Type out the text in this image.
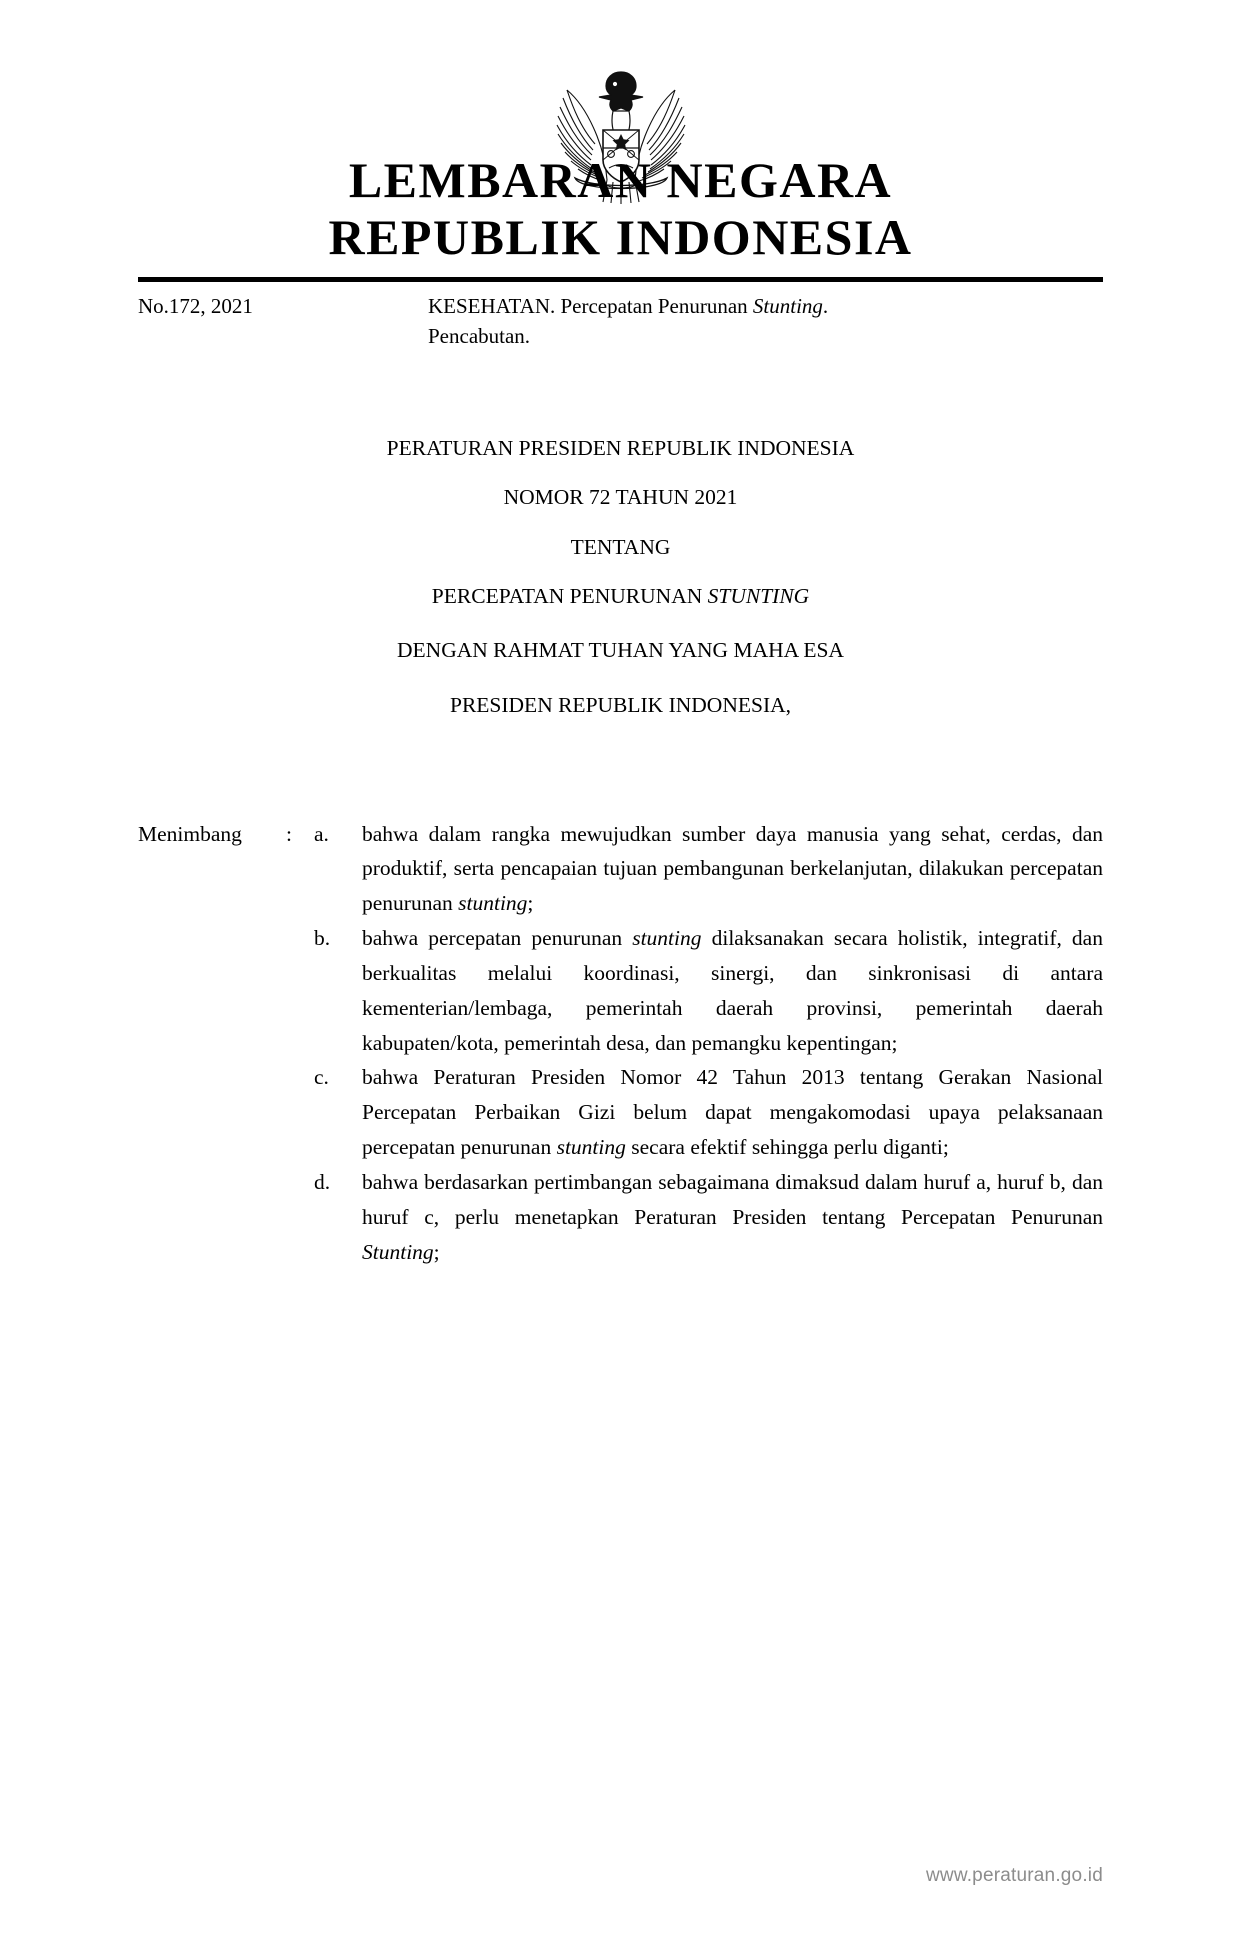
LEMBARAN NEGARA
REPUBLIK INDONESIA
No.172, 2021	KESEHATAN. Percepatan Penurunan Stunting.
Pencabutan.
PERATURAN PRESIDEN REPUBLIK INDONESIA
NOMOR 72 TAHUN 2021
TENTANG
PERCEPATAN PENURUNAN STUNTING
DENGAN RAHMAT TUHAN YANG MAHA ESA
PRESIDEN REPUBLIK INDONESIA,
Menimbang	:	a.	bahwa dalam rangka mewujudkan sumber daya manusia yang sehat, cerdas, dan produktif, serta pencapaian tujuan pembangunan berkelanjutan, dilakukan percepatan penurunan stunting;
b.	bahwa percepatan penurunan stunting dilaksanakan secara holistik, integratif, dan berkualitas melalui koordinasi, sinergi, dan sinkronisasi di antara kementerian/lembaga, pemerintah daerah provinsi, pemerintah daerah kabupaten/kota, pemerintah desa, dan pemangku kepentingan;
c.	bahwa Peraturan Presiden Nomor 42 Tahun 2013 tentang Gerakan Nasional Percepatan Perbaikan Gizi belum dapat mengakomodasi upaya pelaksanaan percepatan penurunan stunting secara efektif sehingga perlu diganti;
d.	bahwa berdasarkan pertimbangan sebagaimana dimaksud dalam huruf a, huruf b, dan huruf c, perlu menetapkan Peraturan Presiden tentang Percepatan Penurunan Stunting;
www.peraturan.go.id
